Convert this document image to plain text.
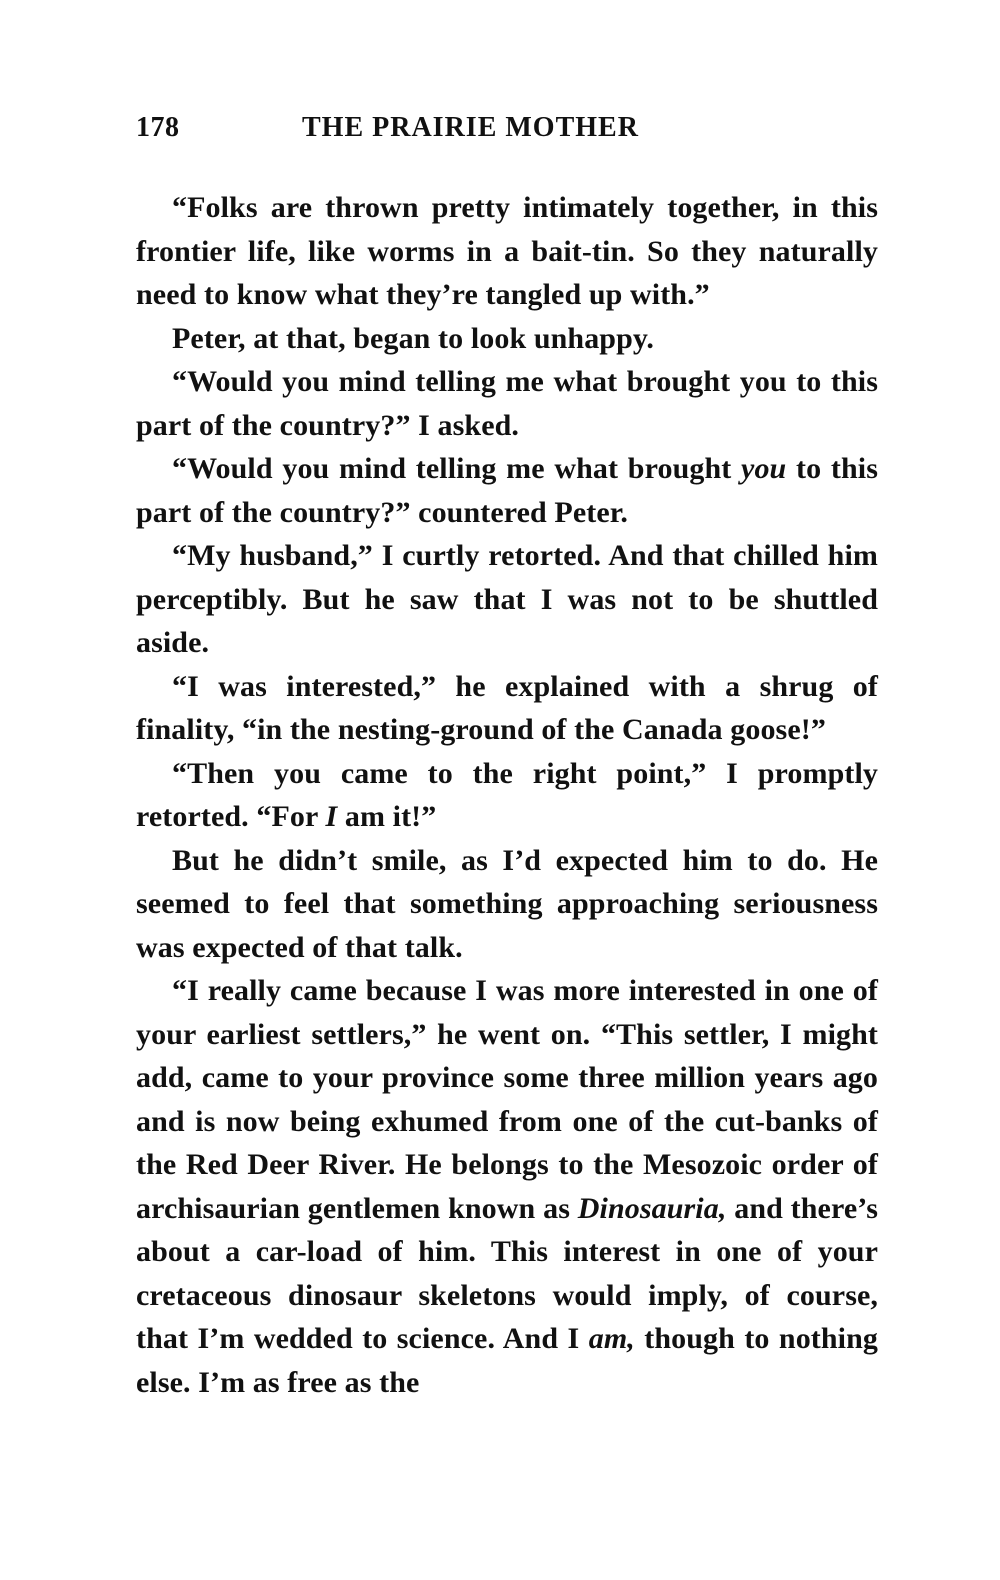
178	THE PRAIRIE MOTHER

“Folks are thrown pretty intimately together, in this frontier life, like worms in a bait-tin. So they naturally need to know what they’re tangled up with.”

Peter, at that, began to look unhappy.

“Would you mind telling me what brought you to this part of the country?” I asked.

“Would you mind telling me what brought you to this part of the country?” countered Peter.

“My husband,” I curtly retorted. And that chilled him perceptibly. But he saw that I was not to be shuttled aside.

“I was interested,” he explained with a shrug of finality, “in the nesting-ground of the Canada goose!”

“Then you came to the right point,” I promptly retorted. “For I am it!”

But he didn’t smile, as I’d expected him to do. He seemed to feel that something approaching seriousness was expected of that talk.

“I really came because I was more interested in one of your earliest settlers,” he went on. “This settler, I might add, came to your province some three million years ago and is now being exhumed from one of the cut-banks of the Red Deer River. He belongs to the Mesozoic order of archisaurian gentlemen known as Dinosauria, and there’s about a car-load of him. This interest in one of your cretaceous dinosaur skeletons would imply, of course, that I’m wedded to science. And I am, though to nothing else. I’m as free as the
